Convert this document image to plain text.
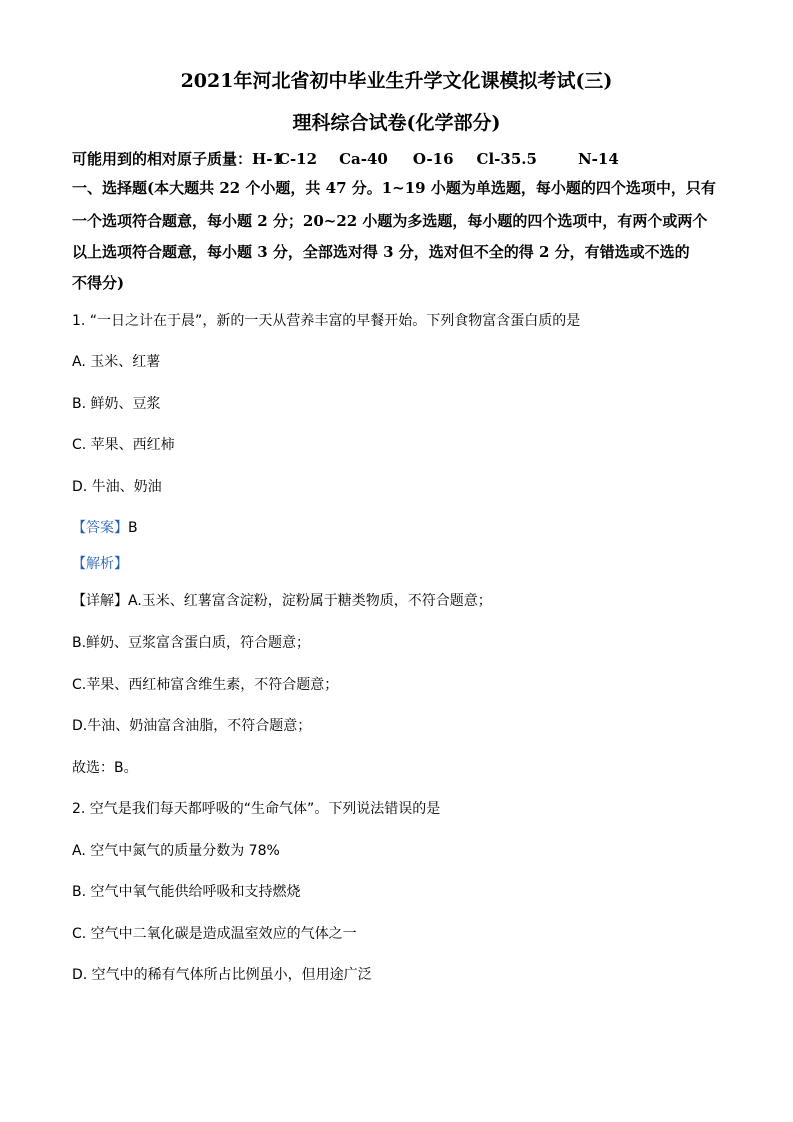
2021年河北省初中毕业生升学文化课模拟考试(三)
理科综合试卷(化学部分)
可能用到的相对原子质量：H-1C-12 Ca-40 O-16 Cl-35.5	N-14
一、选择题(本大题共 22 个小题，共 47 分。1~19 小题为单选题，每小题的四个选项中，只有
一个选项符合题意，每小题 2 分；20~22 小题为多选题，每小题的四个选项中，有两个或两个
以上选项符合题意，每小题 3 分，全部选对得 3 分，选对但不全的得 2 分，有错选或不选的
不得分)
1. “一日之计在于晨”，新的一天从营养丰富的早餐开始。下列食物富含蛋白质的是
A. 玉米、红薯
B. 鲜奶、豆浆
C. 苹果、西红柿
D. 牛油、奶油
【答案】B
【解析】
【详解】A.玉米、红薯富含淀粉，淀粉属于糖类物质，不符合题意；
B.鲜奶、豆浆富含蛋白质，符合题意；
C.苹果、西红柿富含维生素，不符合题意；
D.牛油、奶油富含油脂，不符合题意；
故选：B。
2. 空气是我们每天都呼吸的“生命气体”。下列说法错误的是
A. 空气中氮气的质量分数为 78%
B. 空气中氧气能供给呼吸和支持燃烧
C. 空气中二氧化碳是造成温室效应的气体之一
D. 空气中的稀有气体所占比例虽小，但用途广泛
